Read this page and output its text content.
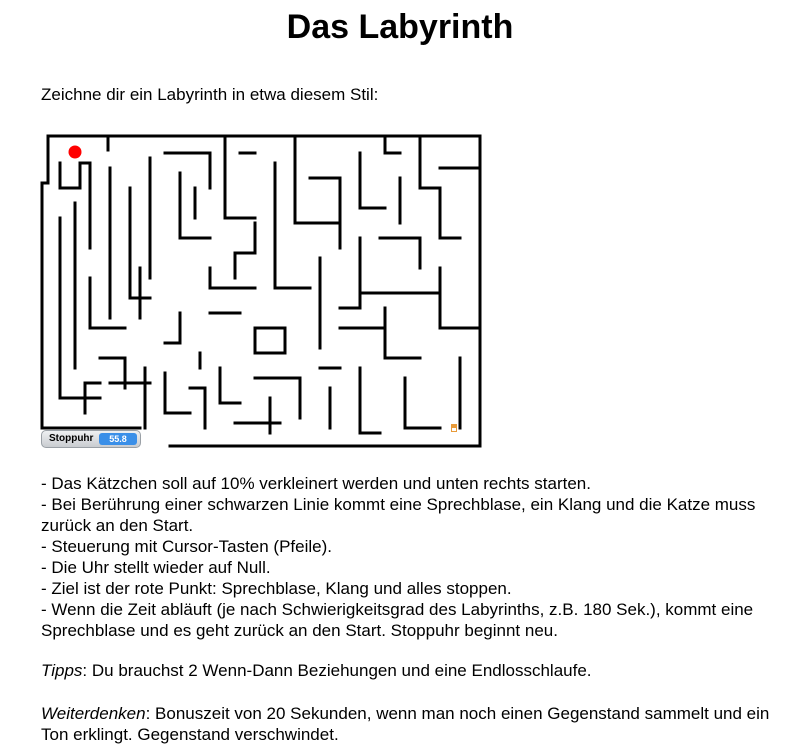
Das Labyrinth

Zeichne dir ein Labyrinth in etwa diesem Stil:

Stoppuhr	55.8
- Das Kätzchen soll auf 10% verkleinert werden und unten rechts starten.
- Bei Berührung einer schwarzen Linie kommt eine Sprechblase, ein Klang und die Katze muss zurück an den Start.
- Steuerung mit Cursor-Tasten (Pfeile).
- Die Uhr stellt wieder auf Null.
- Ziel ist der rote Punkt: Sprechblase, Klang und alles stoppen.
- Wenn die Zeit abläuft (je nach Schwierigkeitsgrad des Labyrinths, z.B. 180 Sek.), kommt eine Sprechblase und es geht zurück an den Start. Stoppuhr beginnt neu.

Tipps: Du brauchst 2 Wenn-Dann Beziehungen und eine Endlosschlaufe.

Weiterdenken: Bonuszeit von 20 Sekunden, wenn man noch einen Gegenstand sammelt und ein Ton erklingt. Gegenstand verschwindet.
